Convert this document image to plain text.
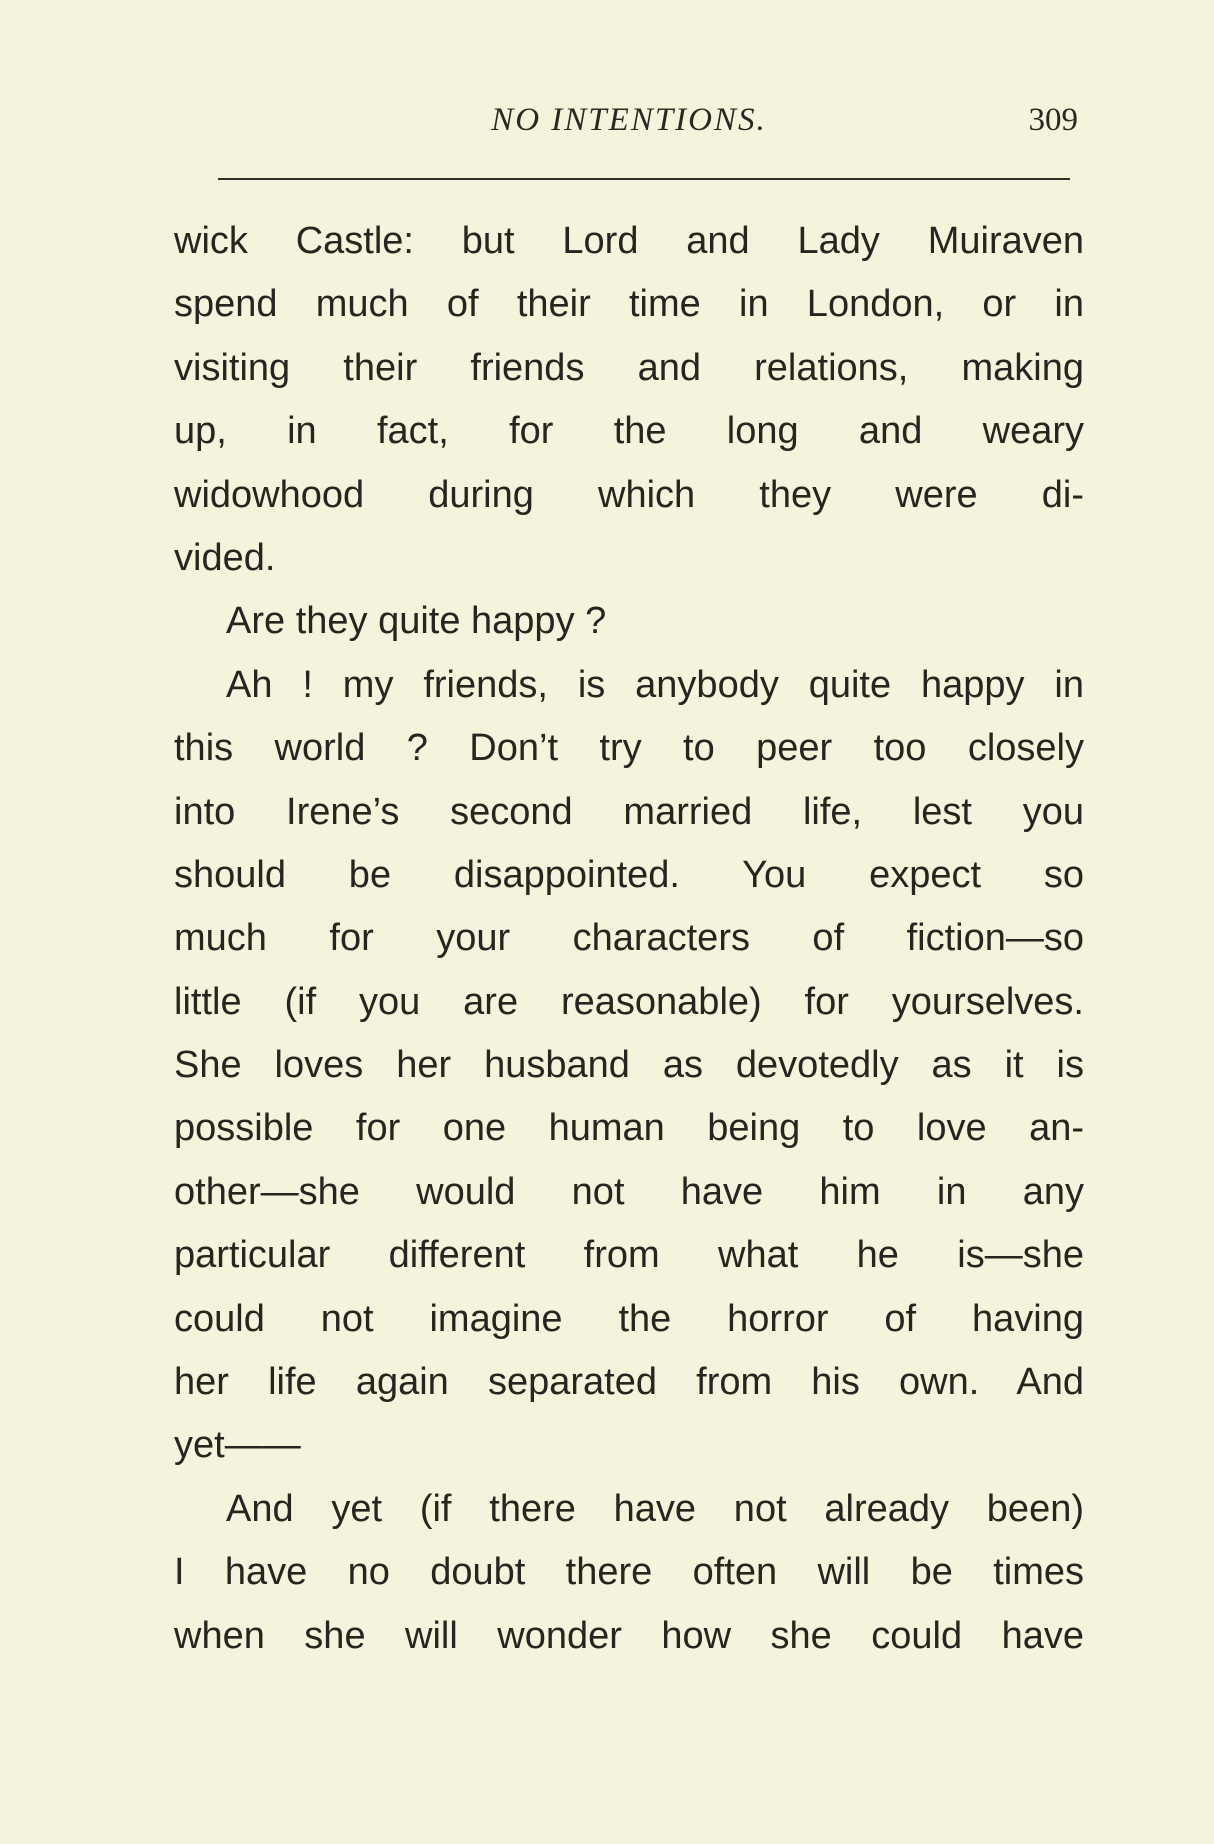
NO INTENTIONS.	309
wick Castle: but Lord and Lady Muiraven
spend much of their time in London, or in
visiting their friends and relations, making
up, in fact, for the long and weary
widowhood during which they were di-
vided.
Are they quite happy ?
Ah ! my friends, is anybody quite happy in
this world ? Don’t try to peer too closely
into Irene’s second married life, lest you
should be disappointed. You expect so
much for your characters of fiction—so
little (if you are reasonable) for yourselves.
She loves her husband as devotedly as it is
possible for one human being to love an-
other—she would not have him in any
particular different from what he is—she
could not imagine the horror of having
her life again separated from his own. And
yet——
And yet (if there have not already been)
I have no doubt there often will be times
when she will wonder how she could have
